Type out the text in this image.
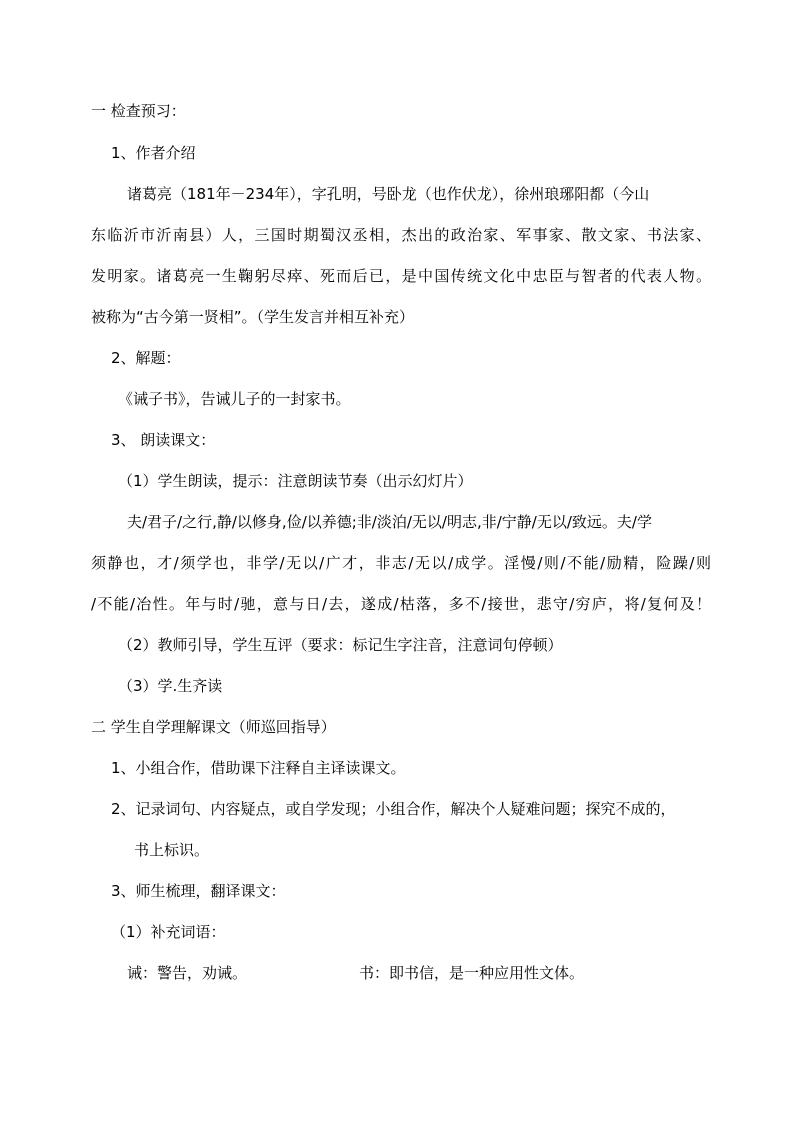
一 检查预习：
1、作者介绍
诸葛亮（181年－234年），字孔明，号卧龙（也作伏龙），徐州琅琊阳都（今山
东临沂市沂南县）人，三国时期蜀汉丞相，杰出的政治家、军事家、散文家、书法家、
发明家。诸葛亮一生鞠躬尽瘁、死而后已，是中国传统文化中忠臣与智者的代表人物。
被称为“古今第一贤相”。（学生发言并相互补充）
2、解题：
《诫子书》，告诫儿子的一封家书。
3、 朗读课文：
（1）学生朗读，提示：注意朗读节奏（出示幻灯片）
夫/君子/之行,静/以修身,俭/以养德;非/淡泊/无以/明志,非/宁静/无以/致远。夫/学
须静也，才/须学也，非学/无以/广才，非志/无以/成学。淫慢/则/不能/励精，险躁/则
/不能/冶性。年与时/驰，意与日/去，遂成/枯落，多不/接世，悲守/穷庐，将/复何及！
（2）教师引导，学生互评（要求：标记生字注音，注意词句停顿）
（3）学.生齐读
二 学生自学理解课文（师巡回指导）
1、小组合作，借助课下注释自主译读课文。
2、记录词句、内容疑点，或自学发现；小组合作，解决个人疑难问题；探究不成的，
书上标识。
3、师生梳理，翻译课文：
（1）补充词语：
诫：警告，劝诫。	书：即书信，是一种应用性文体。
